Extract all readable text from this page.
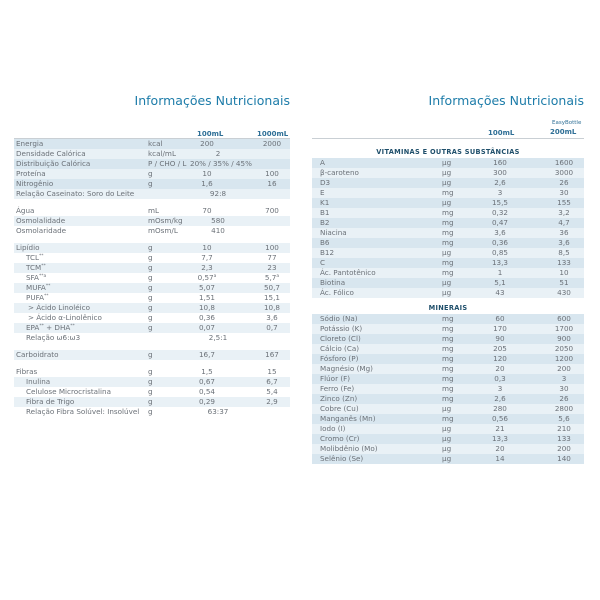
Informações Nutricionais
100mL	1000mL
Energia	kcal	200	2000
Densidade Calórica	kcal/mL	2
Distribuição Calórica	P / CHO / L 20% / 35% / 45%
Proteína	g	10	100
Nitrogênio	g	1,6	16
Relação Caseinato: Soro do Leite	92:8
Água	mL	70	700
Osmolalidade	mOsm/kg	580
Osmolaridade	mOsm/L	410
Lipídio	g	10	100
TCL**	g	7,7	77
TCM**	g	2,3	23
SFA$^{**a}$	g	0,57$^a$	5,7$^a$
MUFA**	g	5,07	50,7
PUFA**	g	1,51	15,1
> Ácido Linoléico	g	10,8	10,8
> Ácido α-Linolênico	g	0,36	3,6
EPA** + DHA**	g	0,07	0,7
Relação ω6:ω3	2,5:1
Carboidrato	g	16,7	167
Fibras	g	1,5	15
Inulina	g	0,67	6,7
Celulose Microcristalina	g	0,54	5,4
Fibra de Trigo	g	0,29	2,9
Relação Fibra Solúvel: Insolúvel g	63:37
Informações Nutricionais
100mL
EasyBottle
200mL
VITAMINAS E OUTRAS SUBSTÂNCIAS
A	µg	160	1600
β-caroteno	µg	300	3000
D3	µg	2,6	26
E	mg	3	30
K1	µg	15,5	155
B1	mg	0,32	3,2
B2	mg	0,47	4,7
Niacina	mg	3,6	36
B6	mg	0,36	3,6
B12	µg	0,85	8,5
C	mg	13,3	133
Ác. Pantotênico	mg	1	10
Biotina	µg	5,1	51
Ác. Fólico	µg	43	430
MINERAIS
Sódio (Na)	mg	60	600
Potássio (K)	mg	170	1700
Cloreto (Cl)	mg	90	900
Cálcio (Ca)	mg	205	2050
Fósforo (P)	mg	120	1200
Magnésio (Mg)	mg	20	200
Flúor (F)	mg	0,3	3
Ferro (Fe)	mg	3	30
Zinco (Zn)	mg	2,6	26
Cobre (Cu)	µg	280	2800
Manganês (Mn)	mg	0,56	5,6
Iodo (I)	µg	21	210
Cromo (Cr)	µg	13,3	133
Molibdênio (Mo)	µg	20	200
Selênio (Se)	µg	14	140
